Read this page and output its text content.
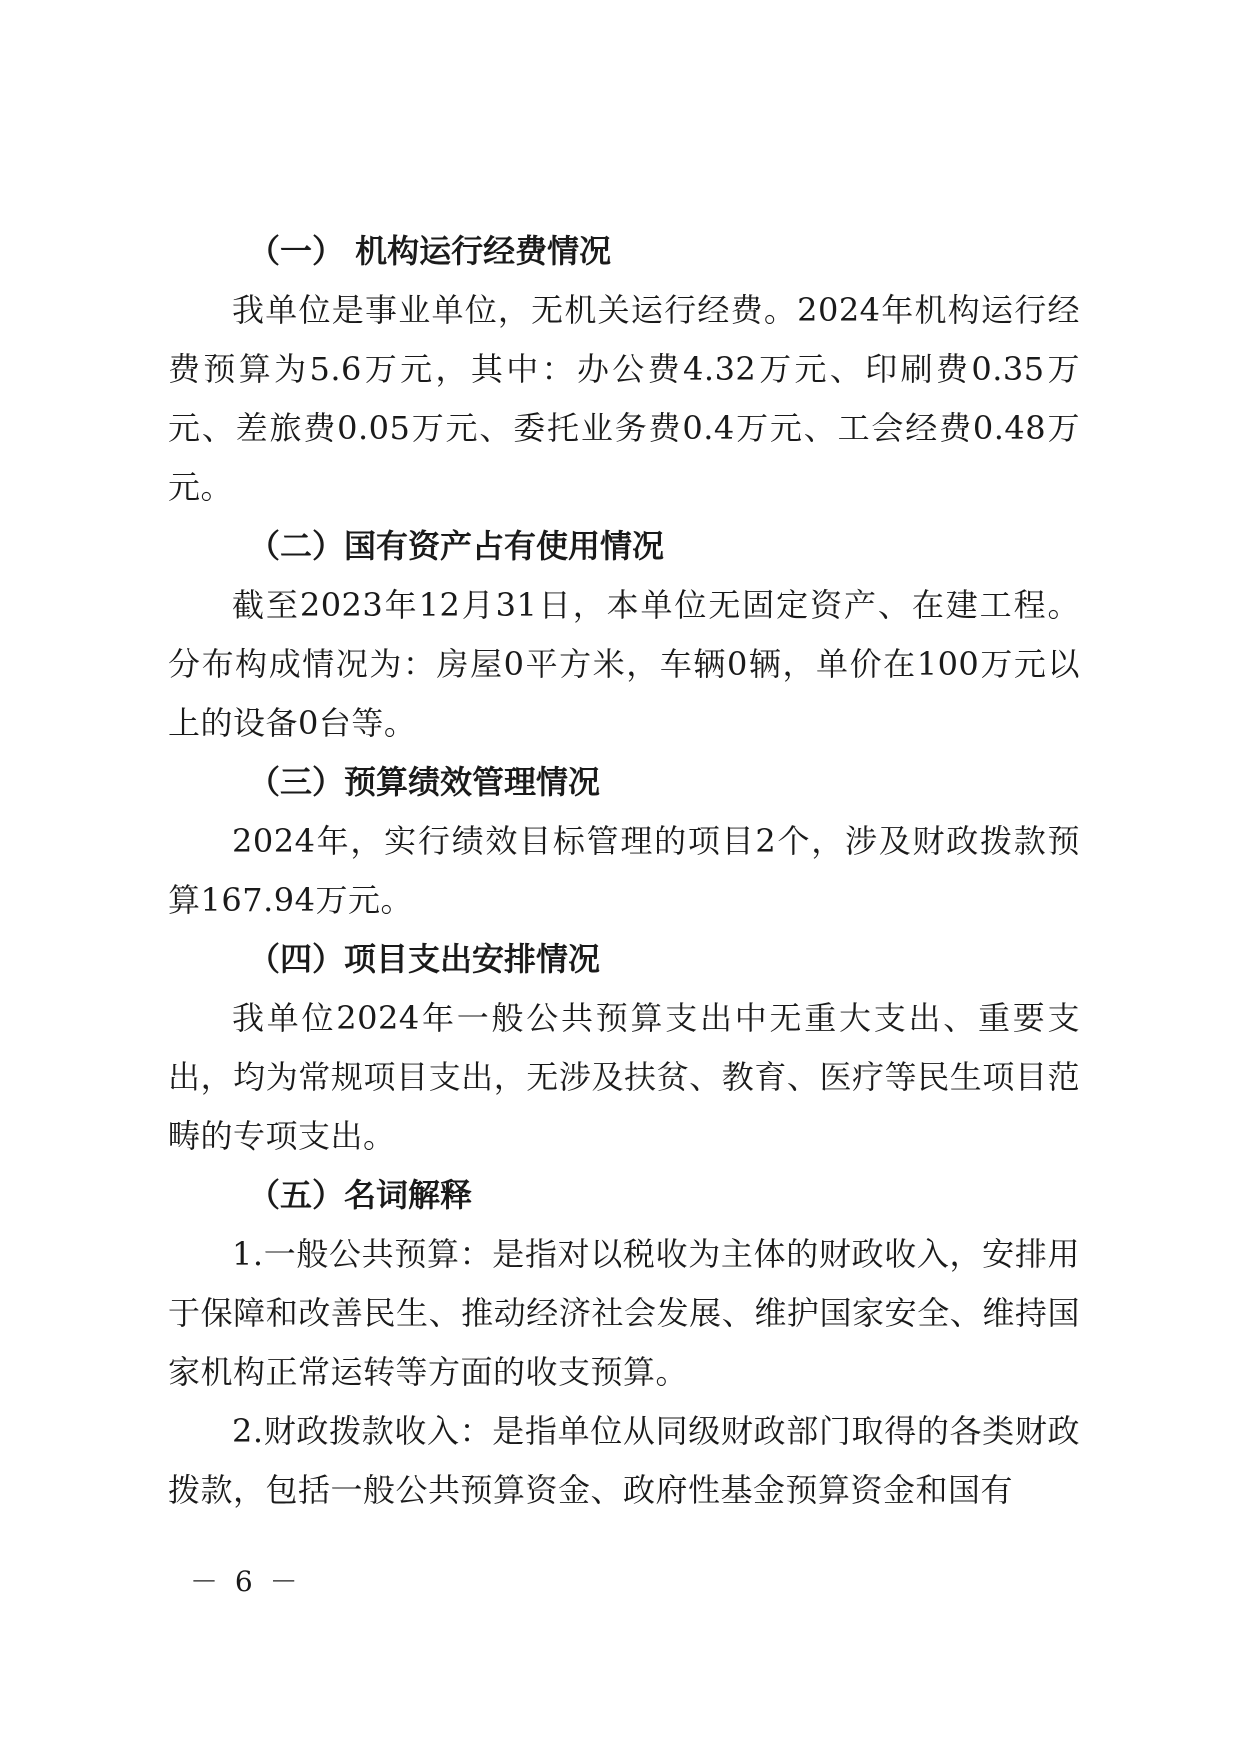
（一） 机构运行经费情况
我单位是事业单位，无机关运行经费。2024年机构运行经费预算为5.6万元，其中：办公费4.32万元、印刷费0.35万元、差旅费0.05万元、委托业务费0.4万元、工会经费0.48万元。
（二）国有资产占有使用情况
截至2023年12月31日，本单位无固定资产、在建工程。分布构成情况为：房屋0平方米，车辆0辆，单价在100万元以上的设备0台等。
（三）预算绩效管理情况
2024年，实行绩效目标管理的项目2个，涉及财政拨款预算167.94万元。
（四）项目支出安排情况
我单位2024年一般公共预算支出中无重大支出、重要支出，均为常规项目支出，无涉及扶贫、教育、医疗等民生项目范畴的专项支出。
（五）名词解释
1.一般公共预算：是指对以税收为主体的财政收入，安排用于保障和改善民生、推动经济社会发展、维护国家安全、维持国家机构正常运转等方面的收支预算。
2.财政拨款收入：是指单位从同级财政部门取得的各类财政拨款，包括一般公共预算资金、政府性基金预算资金和国有
－ 6 －
